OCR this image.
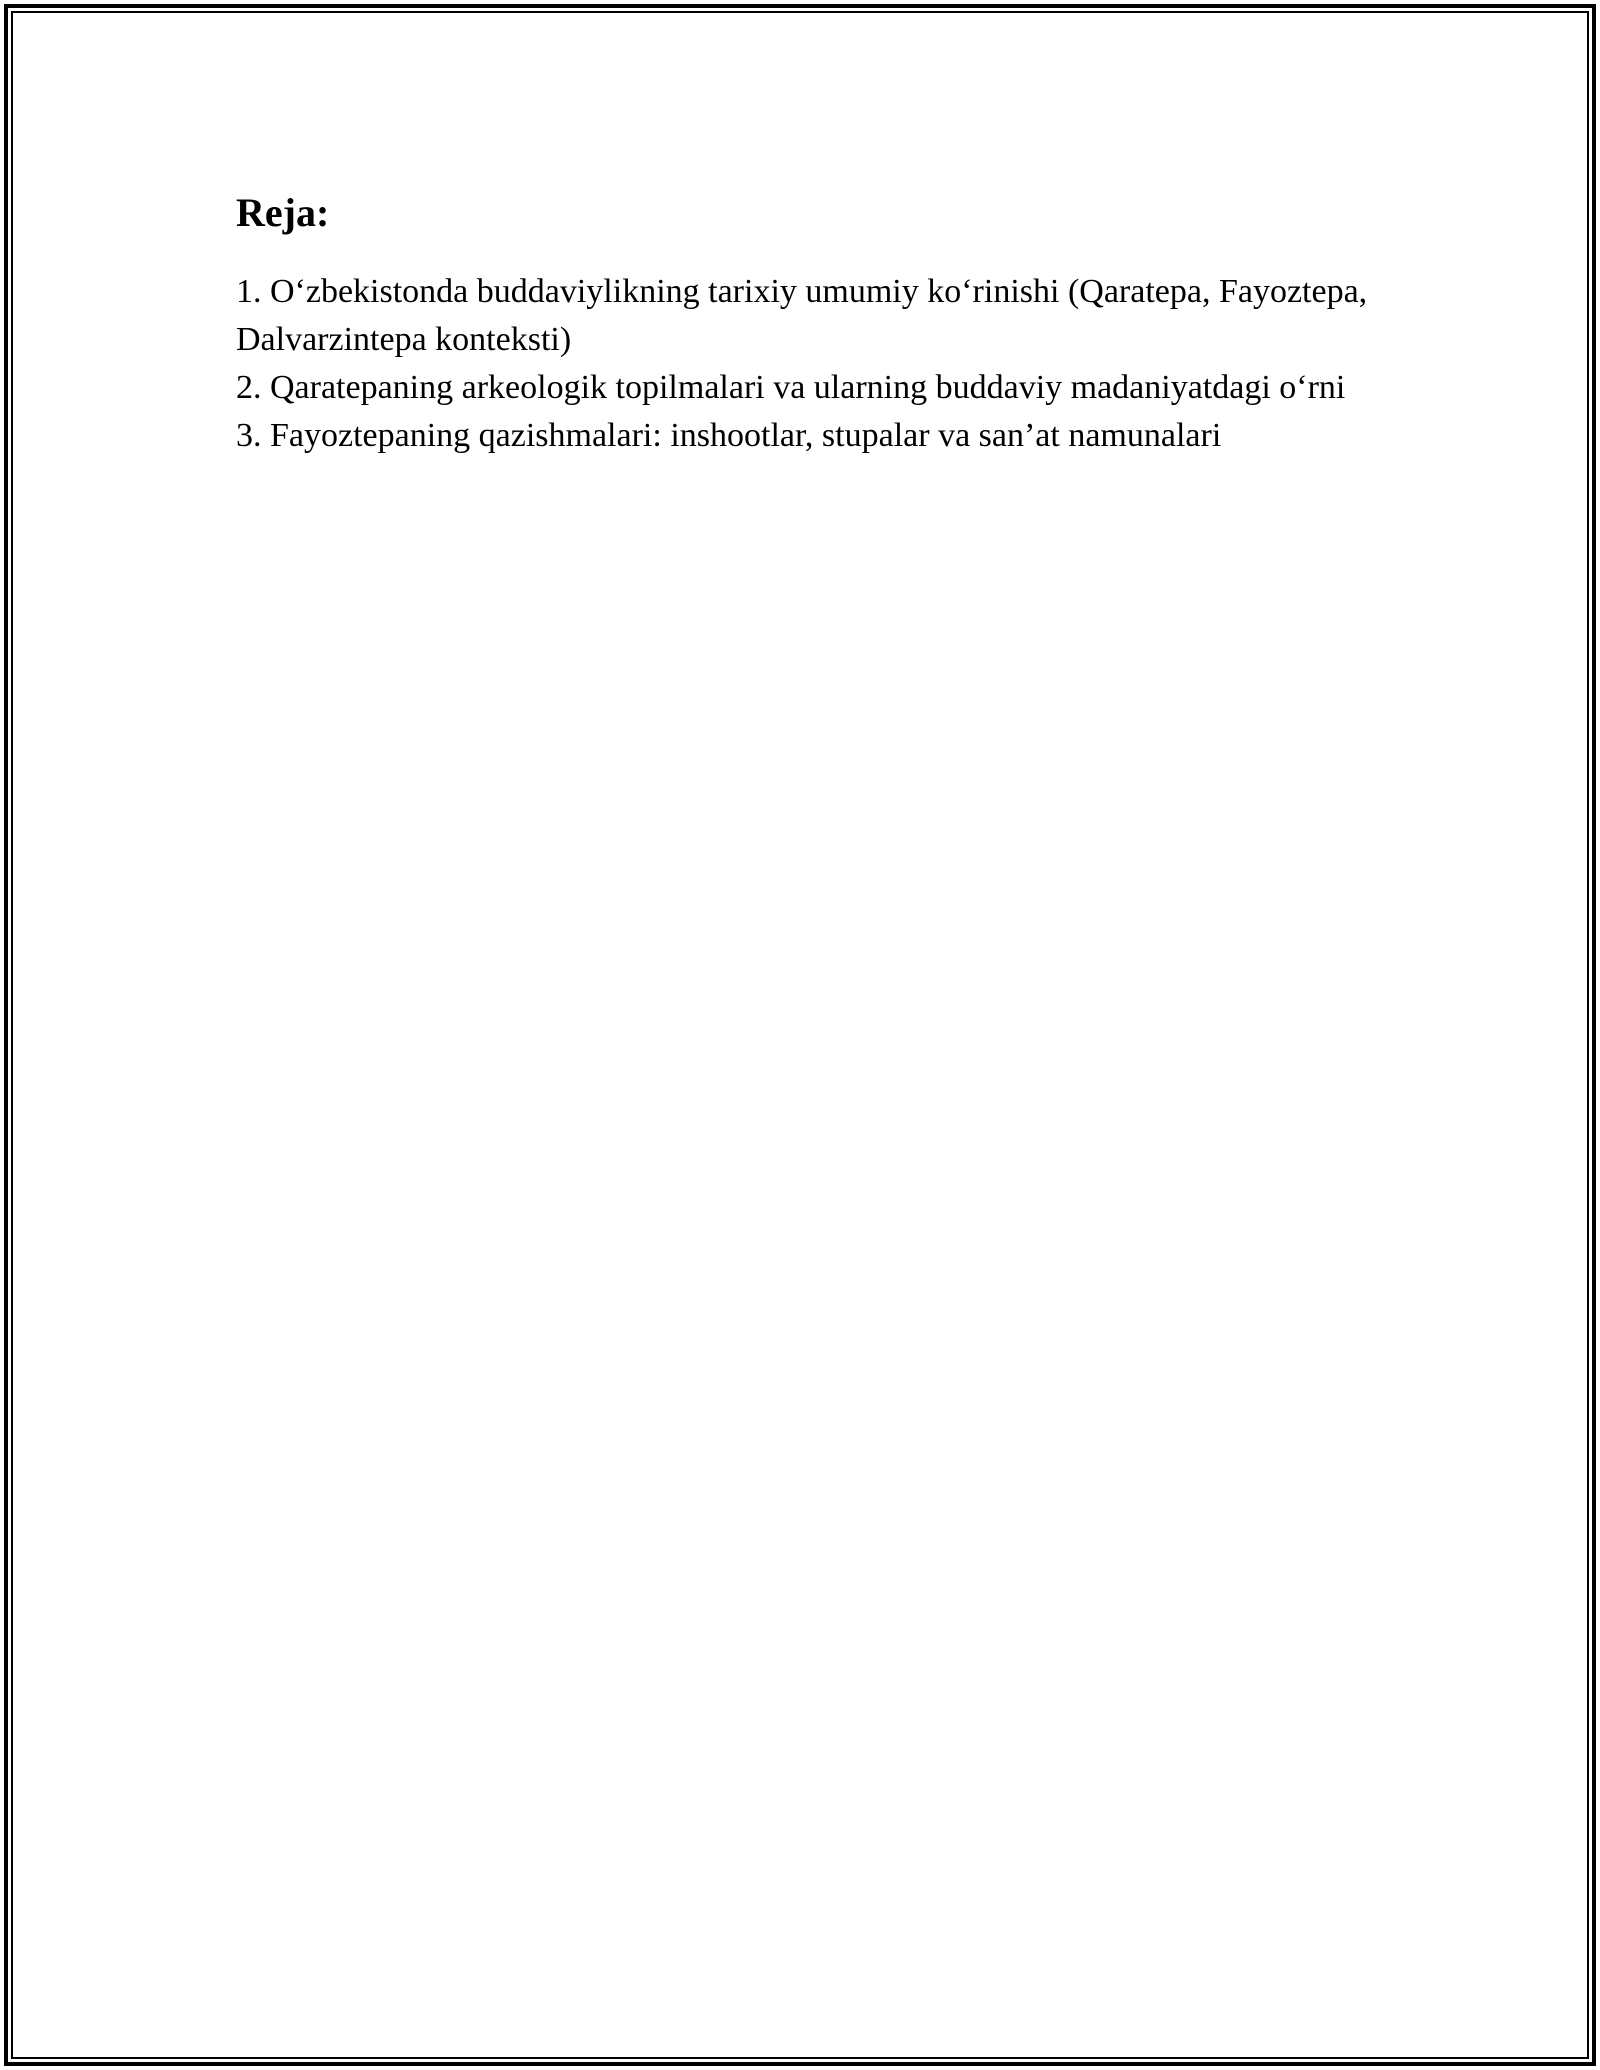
Reja:
1. O‘zbekistonda buddaviylikning tarixiy umumiy ko‘rinishi (Qaratepa, Fayoztepa, Dalvarzintepa konteksti)
2. Qaratepaning arkeologik topilmalari va ularning buddaviy madaniyatdagi o‘rni
3. Fayoztepaning qazishmalari: inshootlar, stupalar va san’at namunalari
